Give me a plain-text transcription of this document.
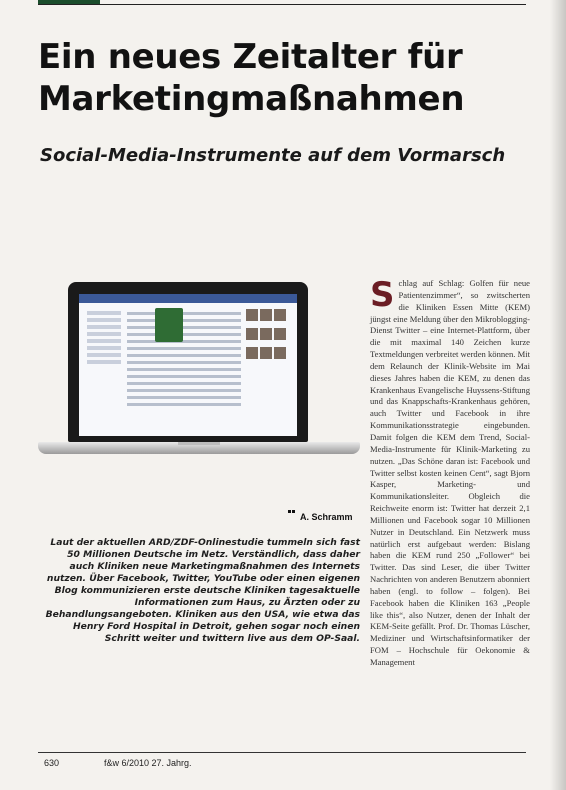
Ein neues Zeitalter für Marketingmaßnahmen
Social-Media-Instrumente auf dem Vormarsch
A. Schramm

Laut der aktuellen ARD/ZDF-Onlinestudie tummeln sich fast 50 Millionen Deutsche im Netz. Verständlich, dass daher auch Kliniken neue Marketingmaßnahmen des Internets nutzen. Über Facebook, Twitter, YouTube oder einen eigenen Blog kommunizieren erste deutsche Kliniken tagesaktuelle Informationen zum Haus, zu Ärzten oder zu Behandlungsangeboten. Kliniken aus den USA, wie etwa das Henry Ford Hospital in Detroit, gehen sogar noch einen Schritt weiter und twittern live aus dem OP-Saal.

Schlag auf Schlag: Golfen für neue Patientenzimmer“, so zwitscherten die Kliniken Essen Mitte (KEM) jüngst eine Meldung über den Mikroblogging-Dienst Twitter – eine Internet-Plattform, über die mit maximal 140 Zeichen kurze Textmeldungen verbreitet werden können. Mit dem Relaunch der Klinik-Website im Mai dieses Jahres haben die KEM, zu denen das Krankenhaus Evangelische Huyssens-Stiftung und das Knappschafts-Krankenhaus gehören, auch Twitter und Facebook in ihre Kommunikationsstrategie eingebunden. Damit folgen die KEM dem Trend, Social-Media-Instrumente für Klinik-Marketing zu nutzen. „Das Schöne daran ist: Facebook und Twitter selbst kosten keinen Cent“, sagt Bjorn Kasper, Marketing- und Kommunikationsleiter. Obgleich die Reichweite enorm ist: Twitter hat derzeit 2,1 Millionen und Facebook sogar 10 Millionen Nutzer in Deutschland. Ein Netzwerk muss natürlich erst aufgebaut werden: Bislang haben die KEM rund 250 „Follower“ bei Twitter. Das sind Leser, die über Twitter Nachrichten von anderen Benutzern abonniert haben (engl. to follow – folgen). Bei Facebook haben die Kliniken 163 „People like this“, also Nutzer, denen der Inhalt der KEM-Seite gefällt. Prof. Dr. Thomas Lüscher, Mediziner und Wirtschaftsinformatiker der FOM – Hochschule für Oekonomie & Management

630	f&w 6/2010 27. Jahrg.
